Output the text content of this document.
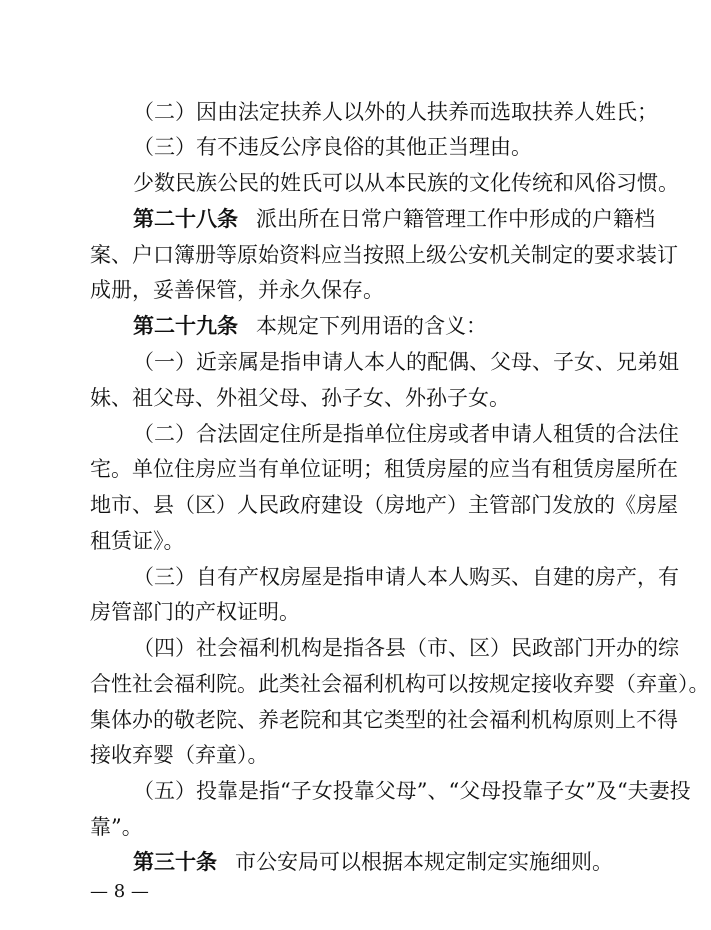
（二）因由法定扶养人以外的人扶养而选取扶养人姓氏；
（三）有不违反公序良俗的其他正当理由。
少数民族公民的姓氏可以从本民族的文化传统和风俗习惯。
第二十八条 派出所在日常户籍管理工作中形成的户籍档
案、户口簿册等原始资料应当按照上级公安机关制定的要求装订
成册，妥善保管，并永久保存。
第二十九条 本规定下列用语的含义：
（一）近亲属是指申请人本人的配偶、父母、子女、兄弟姐
妹、祖父母、外祖父母、孙子女、外孙子女。
（二）合法固定住所是指单位住房或者申请人租赁的合法住
宅。单位住房应当有单位证明；租赁房屋的应当有租赁房屋所在
地市、县（区）人民政府建设（房地产）主管部门发放的《房屋
租赁证》。
（三）自有产权房屋是指申请人本人购买、自建的房产，有
房管部门的产权证明。
（四）社会福利机构是指各县（市、区）民政部门开办的综
合性社会福利院。此类社会福利机构可以按规定接收弃婴（弃童）。
集体办的敬老院、养老院和其它类型的社会福利机构原则上不得
接收弃婴（弃童）。
（五）投靠是指“子女投靠父母”、“父母投靠子女”及“夫妻投
靠”。
第三十条 市公安局可以根据本规定制定实施细则。
— 8 —
